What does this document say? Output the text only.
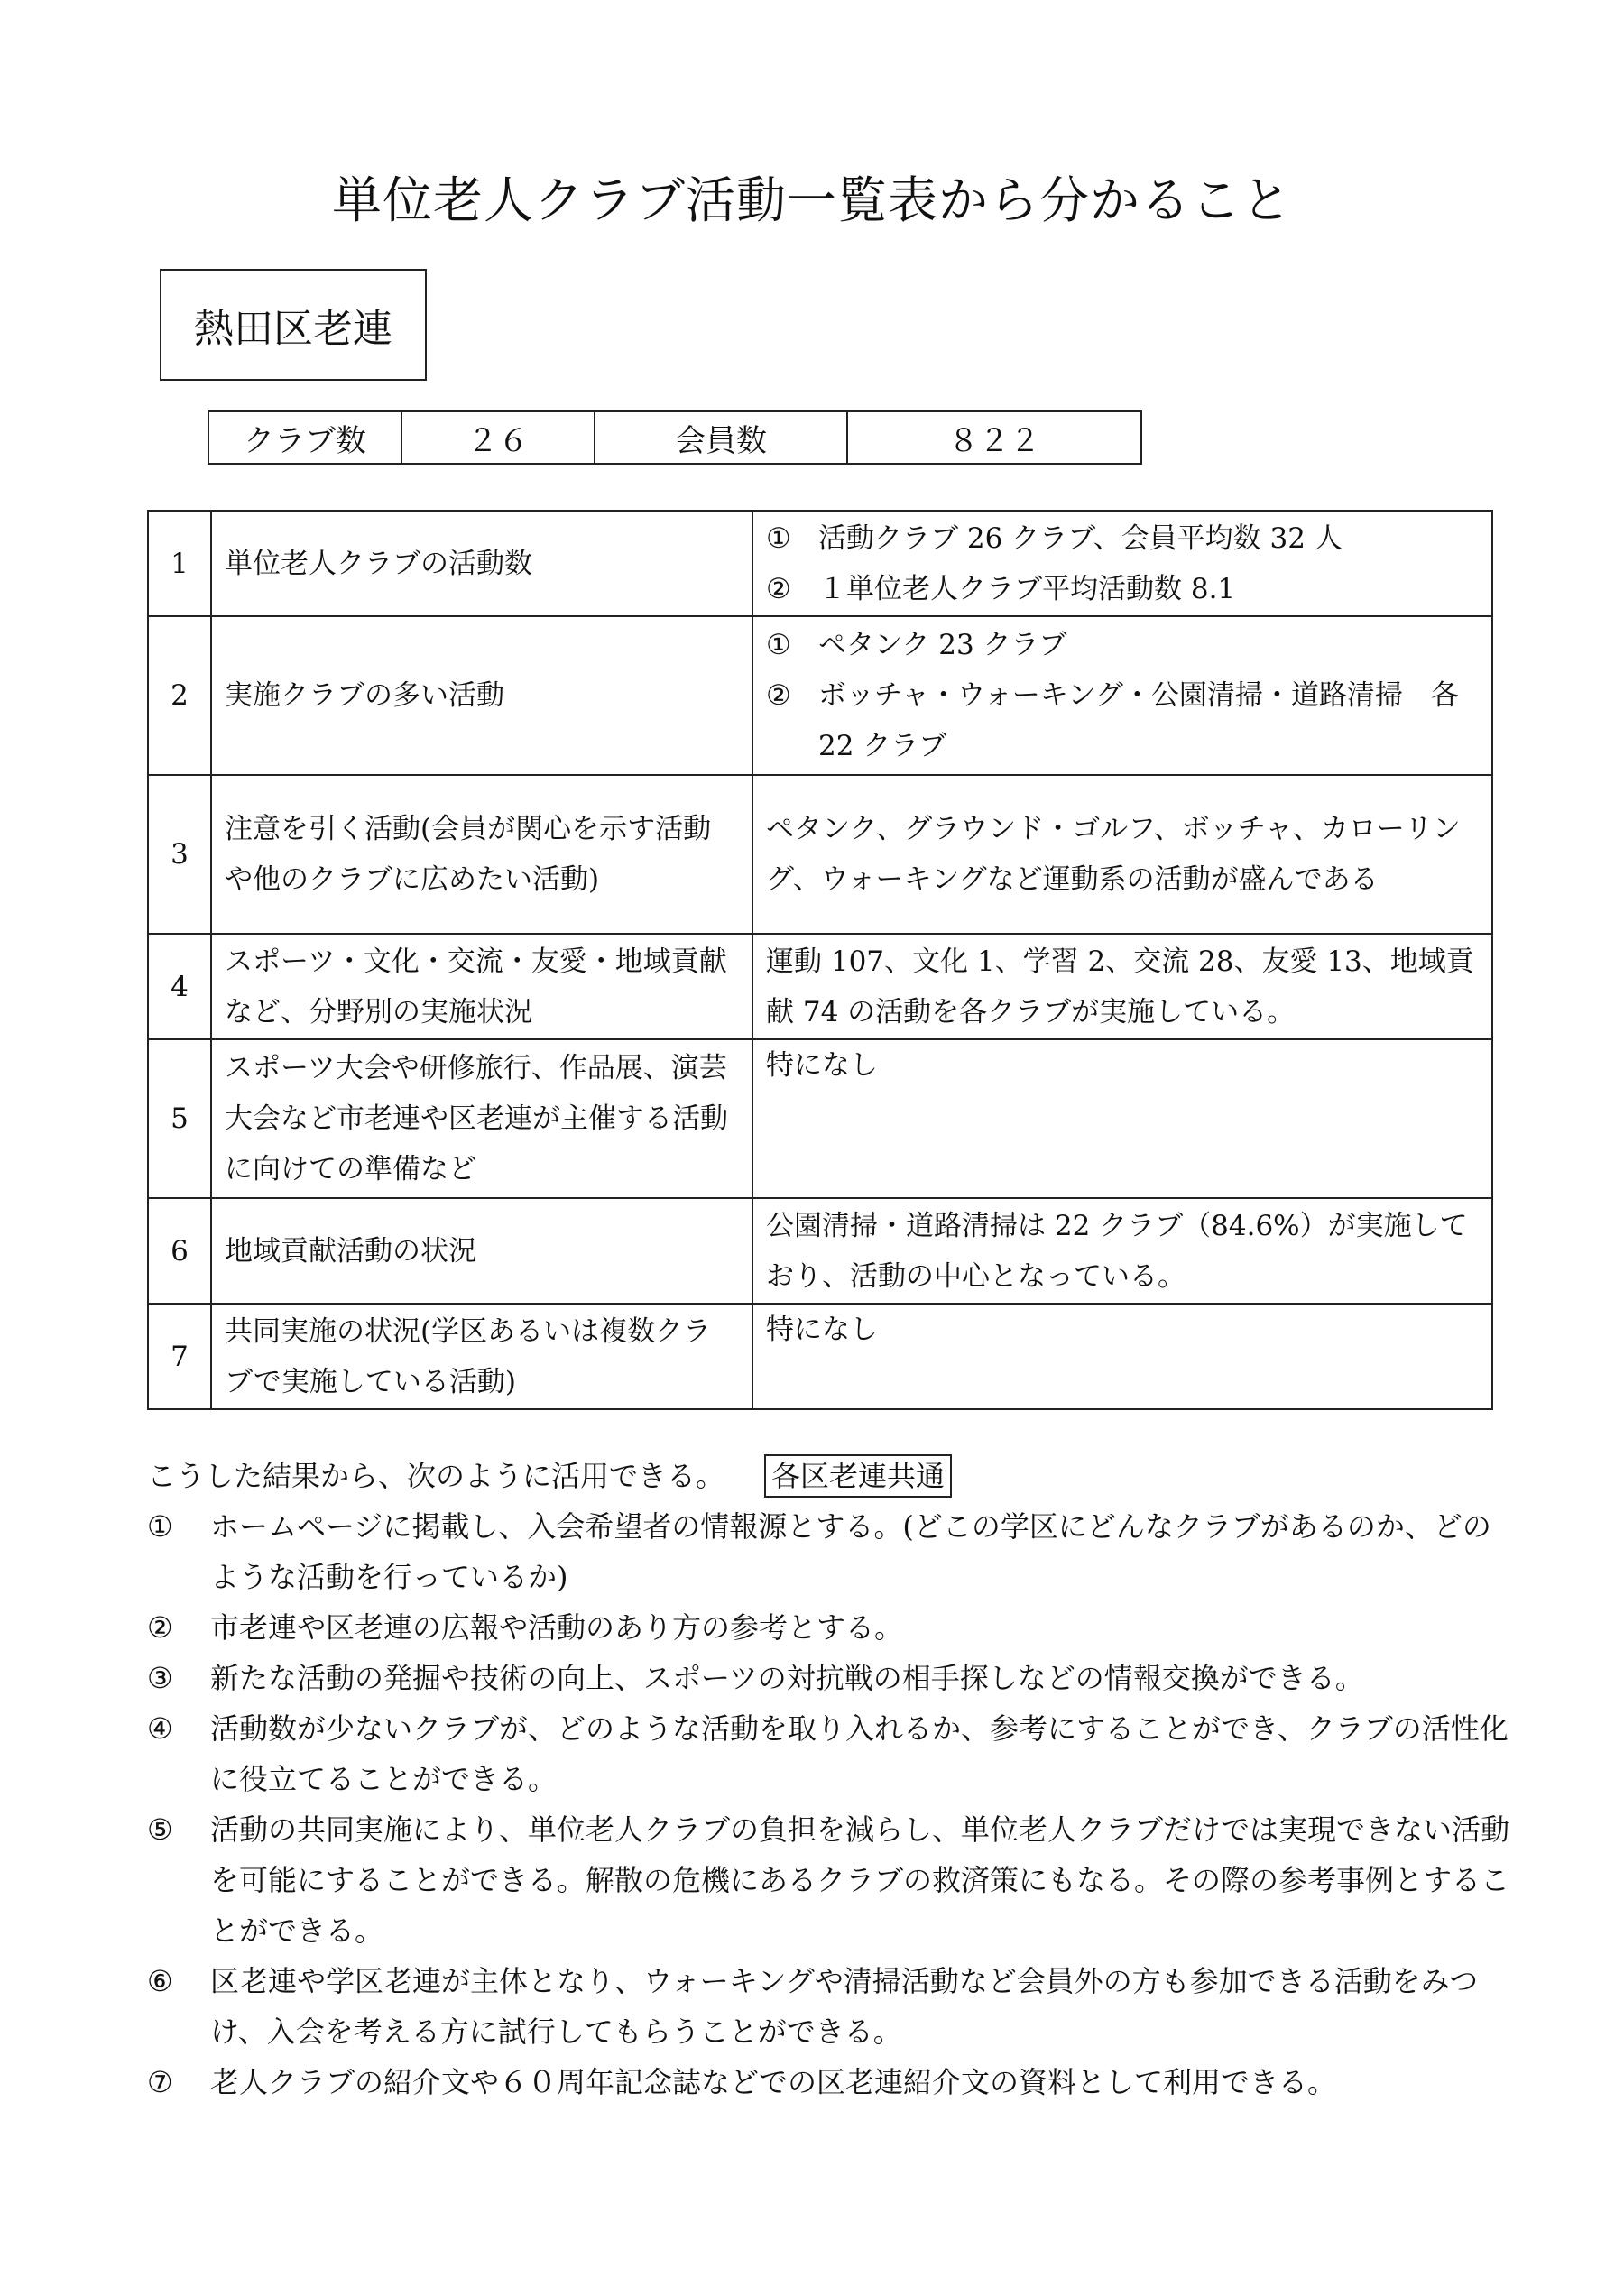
単位老人クラブ活動一覧表から分かること
熱田区老連
クラブ数	２６	会員数	８２２
1	単位老人クラブの活動数	① 活動クラブ 26 クラブ、会員平均数 32 人
② １単位老人クラブ平均活動数 8.1

2	実施クラブの多い活動	① ペタンク 23 クラブ
② ボッチャ・ウォーキング・公園清掃・道路清掃　各 22 クラブ

3	注意を引く活動(会員が関心を示す活動や他のクラブに広めたい活動)	ペタンク、グラウンド・ゴルフ、ボッチャ、カローリング、ウォーキングなど運動系の活動が盛んである
4	スポーツ・文化・交流・友愛・地域貢献など、分野別の実施状況	運動 107、文化 1、学習 2、交流 28、友愛 13、地域貢献 74 の活動を各クラブが実施している。
5	スポーツ大会や研修旅行、作品展、演芸大会など市老連や区老連が主催する活動に向けての準備など	特になし
6	地域貢献活動の状況	公園清掃・道路清掃は 22 クラブ（84.6%）が実施しており、活動の中心となっている。
7	共同実施の状況(学区あるいは複数クラブで実施している活動)	特になし
こうした結果から、次のように活用できる。 各区老連共通
①	ホームページに掲載し、入会希望者の情報源とする。(どこの学区にどんなクラブがあるのか、どのような活動を行っているか)
②	市老連や区老連の広報や活動のあり方の参考とする。
③	新たな活動の発掘や技術の向上、スポーツの対抗戦の相手探しなどの情報交換ができる。
④	活動数が少ないクラブが、どのような活動を取り入れるか、参考にすることができ、クラブの活性化に役立てることができる。
⑤	活動の共同実施により、単位老人クラブの負担を減らし、単位老人クラブだけでは実現できない活動を可能にすることができる。解散の危機にあるクラブの救済策にもなる。その際の参考事例とすることができる。
⑥	区老連や学区老連が主体となり、ウォーキングや清掃活動など会員外の方も参加できる活動をみつけ、入会を考える方に試行してもらうことができる。
⑦	老人クラブの紹介文や６０周年記念誌などでの区老連紹介文の資料として利用できる。
